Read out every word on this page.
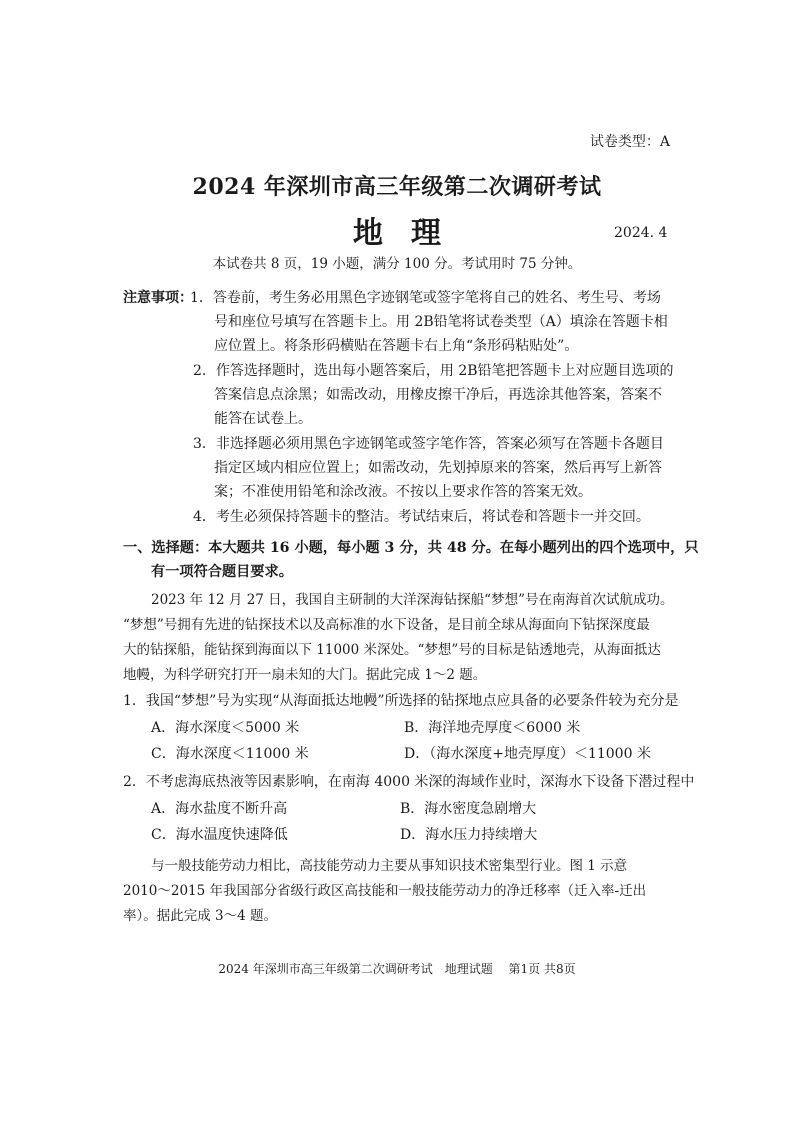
试卷类型：A
2024 年深圳市高三年级第二次调研考试
地理	2024. 4
本试卷共 8 页，19 小题，满分 100 分。考试用时 75 分钟。
注意事项：
1．答卷前，考生务必用黑色字迹钢笔或签字笔将自己的姓名、考生号、考场
号和座位号填写在答题卡上。用 2B铅笔将试卷类型（A）填涂在答题卡相
应位置上。将条形码横贴在答题卡右上角“条形码粘贴处”。
2．作答选择题时，选出每小题答案后，用 2B铅笔把答题卡上对应题目选项的
答案信息点涂黑；如需改动，用橡皮擦干净后，再选涂其他答案，答案不
能答在试卷上。
3．非选择题必须用黑色字迹钢笔或签字笔作答，答案必须写在答题卡各题目
指定区域内相应位置上；如需改动，先划掉原来的答案，然后再写上新答
案；不准使用铅笔和涂改液。不按以上要求作答的答案无效。
4．考生必须保持答题卡的整洁。考试结束后，将试卷和答题卡一并交回。
一、选择题：本大题共 16 小题，每小题 3 分，共 48 分。在每小题列出的四个选项中，只
有一项符合题目要求。
2023 年 12 月 27 日，我国自主研制的大洋深海钻探船“梦想”号在南海首次试航成功。
“梦想”号拥有先进的钻探技术以及高标准的水下设备，是目前全球从海面向下钻探深度最
大的钻探船，能钻探到海面以下 11000 米深处。“梦想”号的目标是钻透地壳，从海面抵达
地幔，为科学研究打开一扇未知的大门。据此完成 1～2 题。
1．我国“梦想”号为实现“从海面抵达地幔”所选择的钻探地点应具备的必要条件较为充分是
A．海水深度＜5000 米	B．海洋地壳厚度＜6000 米
C．海水深度＜11000 米	D．（海水深度+地壳厚度）＜11000 米
2．不考虑海底热液等因素影响，在南海 4000 米深的海域作业时，深海水下设备下潜过程中
A．海水盐度不断升高	B．海水密度急剧增大
C．海水温度快速降低	D．海水压力持续增大
与一般技能劳动力相比，高技能劳动力主要从事知识技术密集型行业。图 1 示意
2010～2015 年我国部分省级行政区高技能和一般技能劳动力的净迁移率（迁入率-迁出
率）。据此完成 3～4 题。
2024 年深圳市高三年级第二次调研考试　地理试题　 第1页 共8页
